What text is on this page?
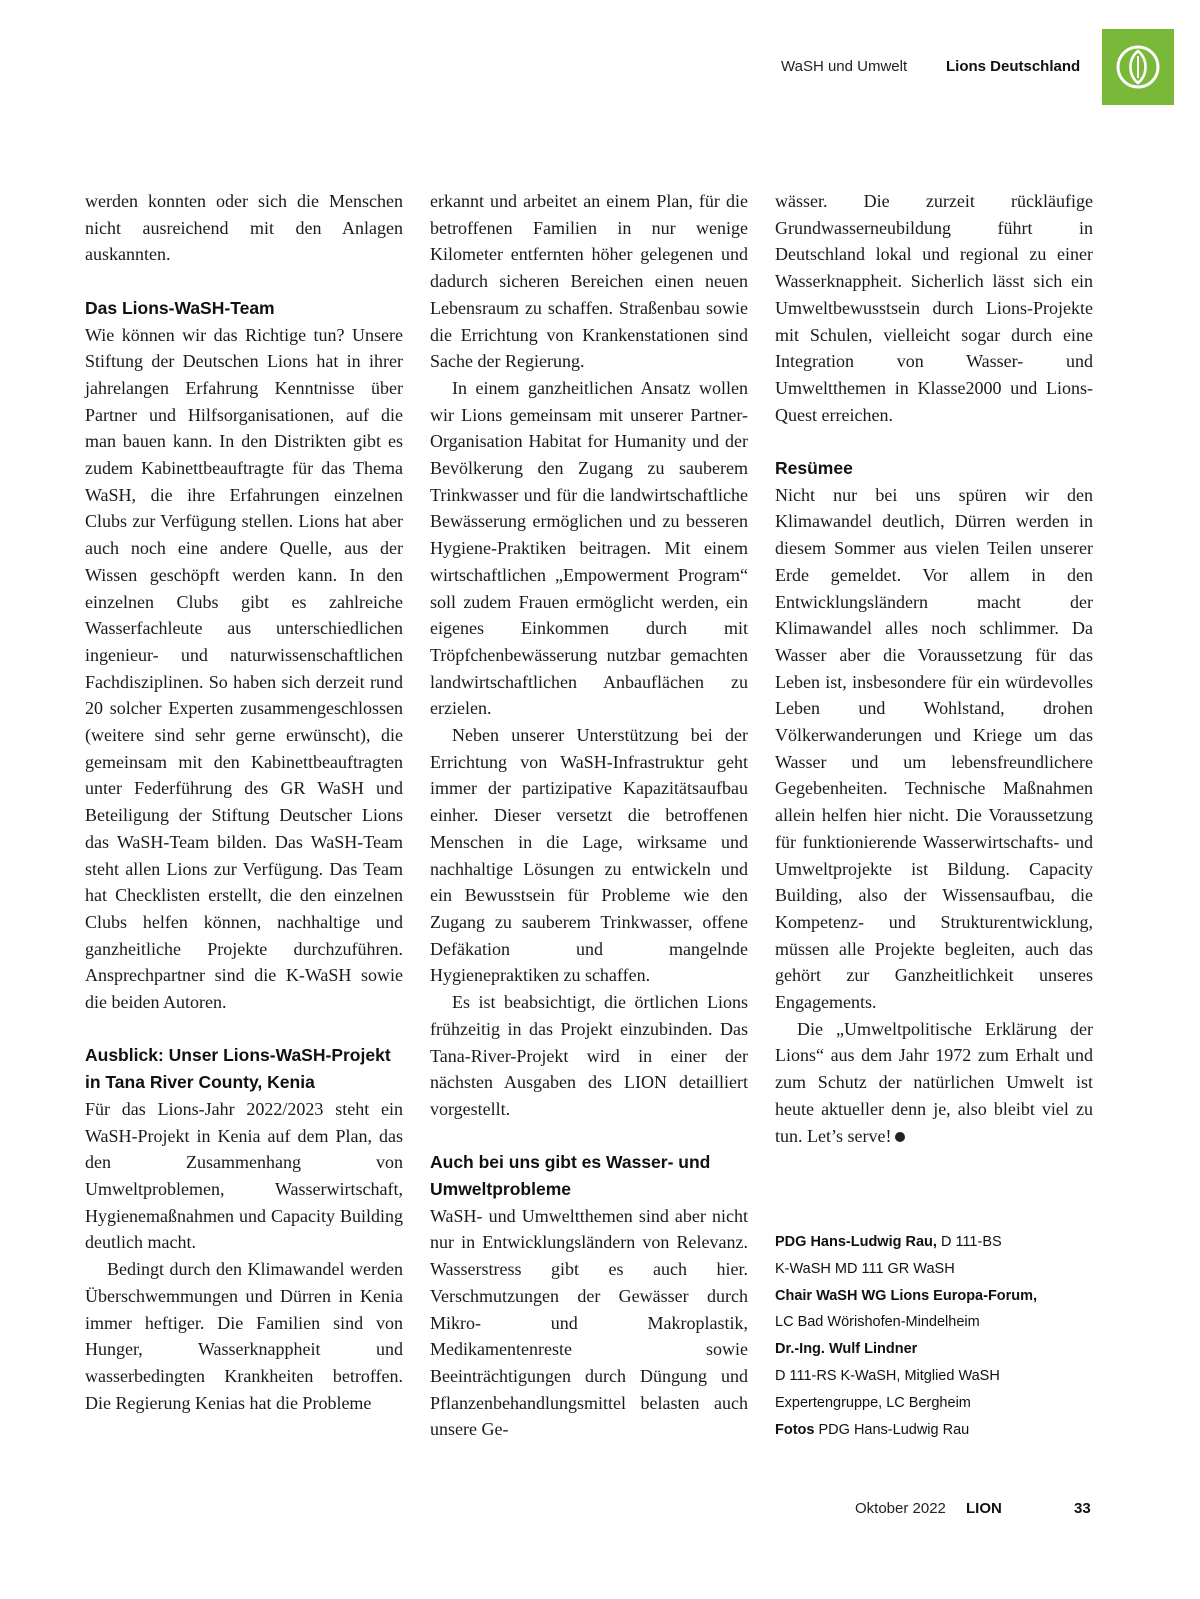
WaSH und Umwelt	Lions Deutschland

werden konnten oder sich die Menschen nicht ausreichend mit den Anlagen auskannten.

Das Lions-WaSH-Team

Wie können wir das Richtige tun? Unsere Stiftung der Deutschen Lions hat in ihrer jahrelangen Erfahrung Kenntnisse über Partner und Hilfsorganisationen, auf die man bauen kann. In den Distrikten gibt es zudem Kabinettbeauftragte für das Thema WaSH, die ihre Erfahrungen einzelnen Clubs zur Verfügung stellen. Lions hat aber auch noch eine andere Quelle, aus der Wissen geschöpft werden kann. In den einzelnen Clubs gibt es zahlreiche Wasserfachleute aus unterschiedlichen ingenieur- und naturwissenschaftlichen Fachdisziplinen. So haben sich derzeit rund 20 solcher Experten zusammengeschlossen (weitere sind sehr gerne erwünscht), die gemeinsam mit den Kabinettbeauftragten unter Federführung des GR WaSH und Beteiligung der Stiftung Deutscher Lions das WaSH-Team bilden. Das WaSH-Team steht allen Lions zur Verfügung. Das Team hat Checklisten erstellt, die den einzelnen Clubs helfen können, nachhaltige und ganzheitliche Projekte durchzuführen. Ansprechpartner sind die K-WaSH sowie die beiden Autoren.

Ausblick: Unser Lions-WaSH-Projekt in Tana River County, Kenia

Für das Lions-Jahr 2022/2023 steht ein WaSH-Projekt in Kenia auf dem Plan, das den Zusammenhang von Umweltproblemen, Wasserwirtschaft, Hygienemaßnahmen und Capacity Building deutlich macht.

Bedingt durch den Klimawandel werden Überschwemmungen und Dürren in Kenia immer heftiger. Die Familien sind von Hunger, Wasserknappheit und wasserbedingten Krankheiten betroffen. Die Regierung Kenias hat die Probleme

erkannt und arbeitet an einem Plan, für die betroffenen Familien in nur wenige Kilometer entfernten höher gelegenen und dadurch sicheren Bereichen einen neuen Lebensraum zu schaffen. Straßenbau sowie die Errichtung von Krankenstationen sind Sache der Regierung.

In einem ganzheitlichen Ansatz wollen wir Lions gemeinsam mit unserer Partner-Organisation Habitat for Humanity und der Bevölkerung den Zugang zu sauberem Trinkwasser und für die landwirtschaftliche Bewässerung ermöglichen und zu besseren Hygiene-Praktiken beitragen. Mit einem wirtschaftlichen „Empowerment Program“ soll zudem Frauen ermöglicht werden, ein eigenes Einkommen durch mit Tröpfchenbewässerung nutzbar gemachten landwirtschaftlichen Anbauflächen zu erzielen.

Neben unserer Unterstützung bei der Errichtung von WaSH-Infrastruktur geht immer der partizipative Kapazitätsaufbau einher. Dieser versetzt die betroffenen Menschen in die Lage, wirksame und nachhaltige Lösungen zu entwickeln und ein Bewusstsein für Probleme wie den Zugang zu sauberem Trinkwasser, offene Defäkation und mangelnde Hygienepraktiken zu schaffen.

Es ist beabsichtigt, die örtlichen Lions frühzeitig in das Projekt einzubinden. Das Tana-River-Projekt wird in einer der nächsten Ausgaben des LION detailliert vorgestellt.

Auch bei uns gibt es Wasser- und Umweltprobleme

WaSH- und Umweltthemen sind aber nicht nur in Entwicklungsländern von Relevanz. Wasserstress gibt es auch hier. Verschmutzungen der Gewässer durch Mikro- und Makroplastik, Medikamentenreste sowie Beeinträchtigungen durch Düngung und Pflanzenbehandlungsmittel belasten auch unsere Ge-

wässer. Die zurzeit rückläufige Grundwasserneubildung führt in Deutschland lokal und regional zu einer Wasserknappheit. Sicherlich lässt sich ein Umweltbewusstsein durch Lions-Projekte mit Schulen, vielleicht sogar durch eine Integration von Wasser- und Umweltthemen in Klasse2000 und Lions-Quest erreichen.

Resümee

Nicht nur bei uns spüren wir den Klimawandel deutlich, Dürren werden in diesem Sommer aus vielen Teilen unserer Erde gemeldet. Vor allem in den Entwicklungsländern macht der Klimawandel alles noch schlimmer. Da Wasser aber die Voraussetzung für das Leben ist, insbesondere für ein würdevolles Leben und Wohlstand, drohen Völkerwanderungen und Kriege um das Wasser und um lebensfreundlichere Gegebenheiten. Technische Maßnahmen allein helfen hier nicht. Die Voraussetzung für funktionierende Wasserwirtschafts- und Umweltprojekte ist Bildung. Capacity Building, also der Wissensaufbau, die Kompetenz- und Strukturentwicklung, müssen alle Projekte begleiten, auch das gehört zur Ganzheitlichkeit unseres Engagements.

Die „Umweltpolitische Erklärung der Lions“ aus dem Jahr 1972 zum Erhalt und zum Schutz der natürlichen Umwelt ist heute aktueller denn je, also bleibt viel zu tun. Let’s serve!

PDG Hans-Ludwig Rau, D 111-BS
K-WaSH MD 111 GR WaSH
Chair WaSH WG Lions Europa-Forum,
LC Bad Wörishofen-Mindelheim
Dr.-Ing. Wulf Lindner
D 111-RS K-WaSH, Mitglied WaSH
Expertengruppe, LC Bergheim
Fotos PDG Hans-Ludwig Rau
Oktober 2022 LION	33
